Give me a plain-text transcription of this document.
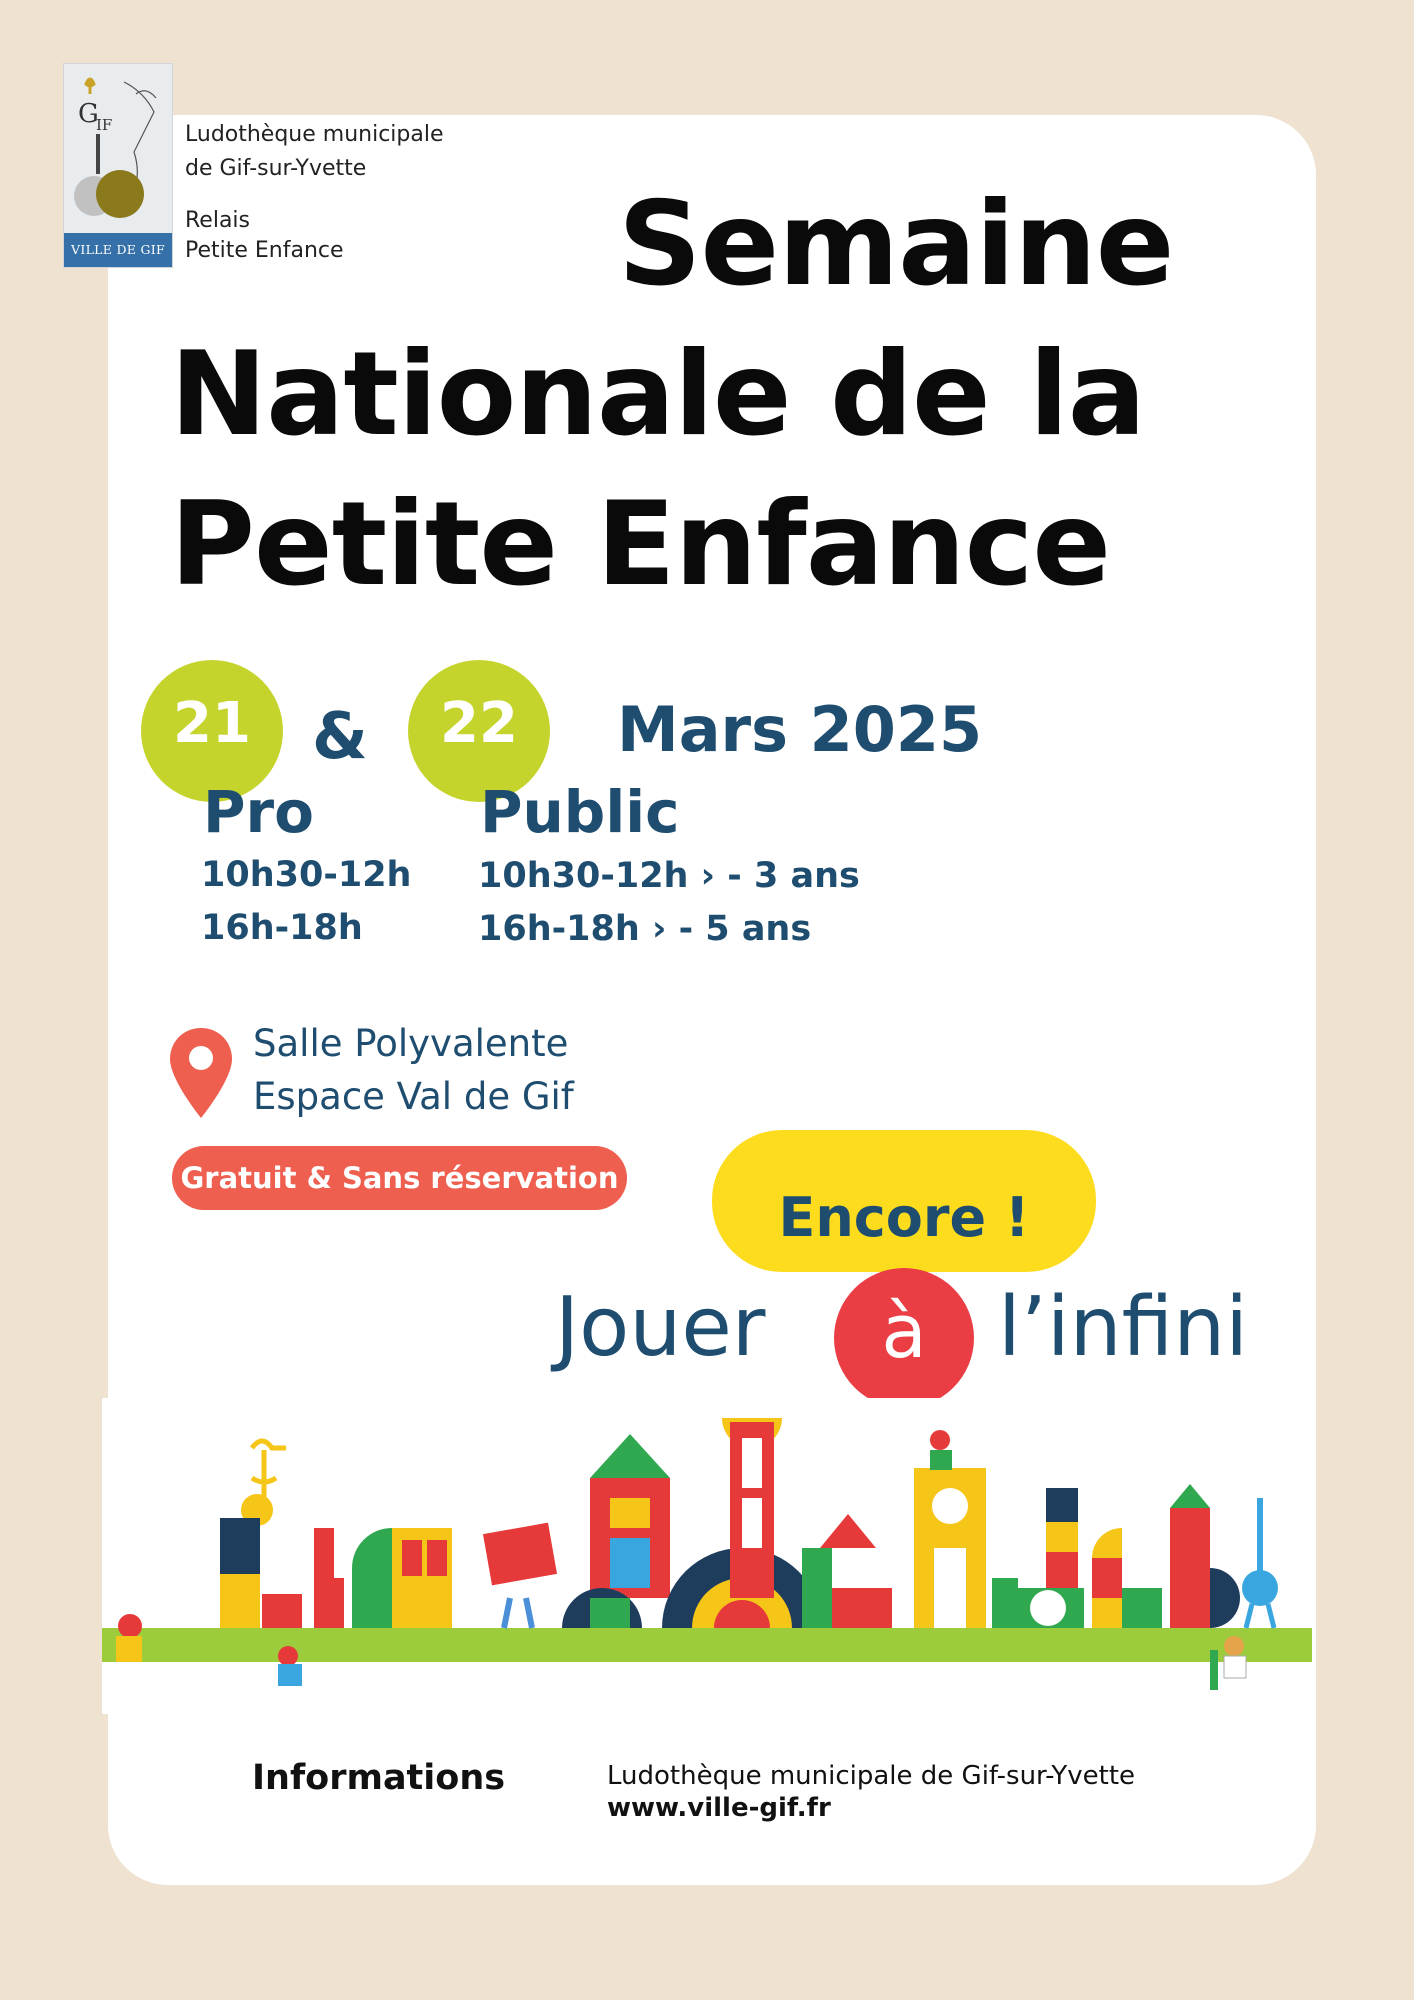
G
IF
VILLE DE GIF
Ludothèque municipale
de Gif-sur-Yvette
Relais
Petite Enfance Semaine
Nationale de la
Petite Enfance
21 &	22	Mars 2025
Pro
10h30-12h
16h-18h
Public
10h30-12h › - 3 ans
16h-18h › - 5 ans
Salle Polyvalente
Espace Val de Gif
Gratuit & Sans réservation
Encore !
Jouer	à l’infini
Informations	Ludothèque municipale de Gif-sur-Yvette
www.ville-gif.fr
